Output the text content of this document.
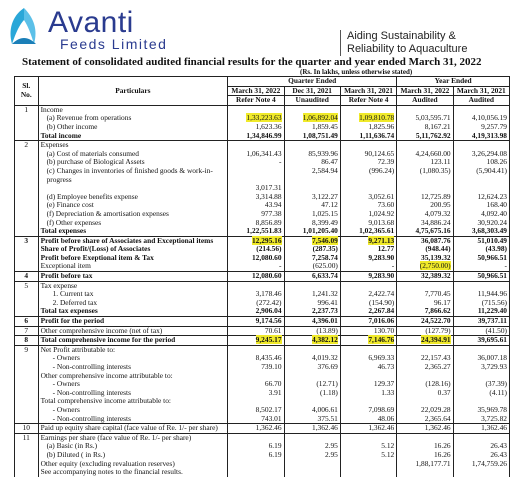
Avanti
Feeds Limited	Aiding Sustainability &
Reliability to Aquaculture
Statement of consolidated audited financial results for the quarter and year ended March 31, 2022
(Rs. In lakhs, unless otherwise stated)
Sl. No.	Particulars	Quarter Ended			Year Ended	
		March 31, 2022	Dec 31, 2021	March 31, 2021	March 31, 2022	March 31, 2021
		Refer Note 4	Unaudited	Refer Note 4	Audited	Audited
1	Income					
	(a) Revenue from operations	1,33,223.63	1,06,892.04	1,09,810.78	5,03,595.71	4,10,056.19
	(b) Other income	1,623.36	1,859.45	1,825.96	8,167.21	9,257.79
	Total income	1,34,846.99	1,08,751.49	1,11,636.74	5,11,762.92	4,19,313.98
2	Expenses					
	(a) Cost of materials consumed	1,06,341.43	85,939.96	90,124.65	4,24,660.00	3,26,294.08
	(b) purchase of Biological Assets	-	86.47	72.39	123.11	108.26
	(c) Changes in inventories of finished goods & work-in-progress		2,584.94	(996.24)	(1,080.35)	(5,904.41)
		3,017.31				
	(d) Employee benefits expense	3,314.88	3,122.27	3,052.61	12,725.89	12,624.23
	(e) Finance cost	43.94	47.12	73.60	200.95	168.40
	(f) Depreciation & amortisation expenses	977.38	1,025.15	1,024.92	4,079.32	4,092.40
	(f) Other expenses	8,856.89	8,399.49	9,013.68	34,886.24	30,920.24
	Total expenses	1,22,551.83	1,01,205.40	1,02,365.61	4,75,675.16	3,68,303.49
3	Profit before share of Associates and Exceptional items	12,295.16	7,546.09	9,271.13	36,087.76	51,010.49
	Share of Profit/(Loss) of Associates	(214.56)	(287.35)	12.77	(948.44)	(43.98)
	Profit before Exeptional item & Tax	12,080.60	7,258.74	9,283.90	35,139.32	50,966.51
	Exceptional item	-	(625.00)	-	(2,750.00)	-
4	Profit before tax	12,080.60	6,633.74	9,283.90	32,389.32	50,966.51
5	Tax expense					
	1. Current tax	3,178.46	1,241.32	2,422.74	7,770.45	11,944.96
	2. Deferred tax	(272.42)	996.41	(154.90)	96.17	(715.56)
	Total tax expenses	2,906.04	2,237.73	2,267.84	7,866.62	11,229.40
6	Profit for the period	9,174.56	4,396.01	7,016.06	24,522.70	39,737.11
7	Other comprehensive income (net of tax)	70.61	(13.89)	130.70	(127.79)	(41.50)
8	Total comprehensive income for the period	9,245.17	4,382.12	7,146.76	24,394.91	39,695.61
9	Net Profit attributable to:					
	- Owners	8,435.46	4,019.32	6,969.33	22,157.43	36,007.18
	- Non-controlling interests	739.10	376.69	46.73	2,365.27	3,729.93
	Other comprehensive income attributable to:					
	- Owners	66.70	(12.71)	129.37	(128.16)	(37.39)
	- Non-controlling interests	3.91	(1.18)	1.33	0.37	(4.11)
	Total comprehensive income attributable to:					
	- Owners	8,502.17	4,006.61	7,098.69	22,029.28	35,969.78
	- Non-controlling interests	743.01	375.51	48.06	2,365.64	3,725.82
10	Paid up equity share capital (face value of Re. 1/- per share)	1,362.46	1,362.46	1,362.46	1,362.46	1,362.46
11	Earnings per share (face value of Re. 1/- per share)					
	(a) Basic (in Rs.)	6.19	2.95	5.12	16.26	26.43
	(b) Diluted ( in Rs.)	6.19	2.95	5.12	16.26	26.43
	Other equity (excluding revaluation reserves)				1,88,177.71	1,74,759.26
	See accompanying notes to the financial results.					
